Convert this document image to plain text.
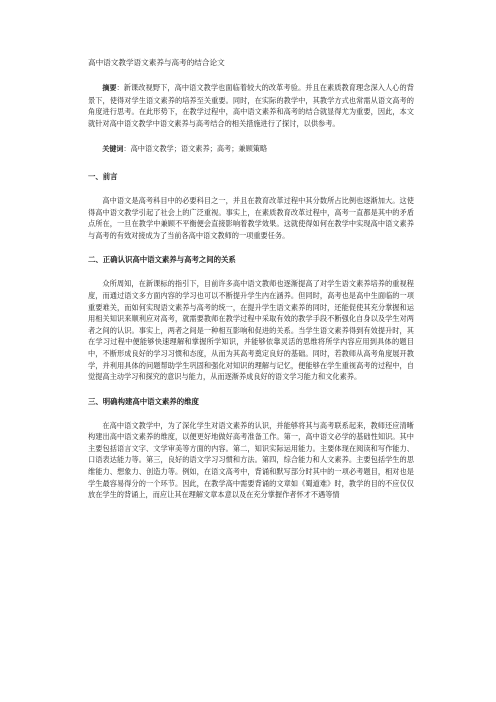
高中语文教学语文素养与高考的结合论文

摘要：新课改视野下，高中语文教学也面临着较大的改革考验。并且在素质教育理念深入人心的背景下，使得对学生语文素养的培养至关重要。同时，在实际的教学中，其教学方式也常需从语文高考的角度进行思考。在此形势下，在教学过程中，高中语文素养和高考的结合就显得尤为重要，因此，本文就针对高中语文教学中语文素养与高考结合的相关措施进行了探讨，以供参考。

关键词：高中语文教学；语文素养；高考；兼顾策略

一、前言

高中语文是高考科目中的必要科目之一，并且在教育改革过程中其分数所占比例也逐渐加大。这使得高中语文教学引起了社会上的广泛重视。事实上，在素质教育改革过程中，高考一直都是其中的矛盾点所在，一旦在教学中兼顾不平衡便会直接影响着教学效果。这就使得如何在教学中实现高中语文素养与高考的有效对接成为了当前各高中语文教师的一项重要任务。

二、正确认识高中语文素养与高考之间的关系

众所周知，在新课标的指引下，目前许多高中语文教师也逐渐提高了对学生语文素养培养的重视程度，而通过语文多方面内容的学习也可以不断提升学生内在涵养。但同时，高考也是高中生面临的一项重要难关，而如何实现语文素养与高考的统一，在提升学生语文素养的同时，还能促使其充分掌握和运用相关知识来顺利应对高考，就需要教师在教学过程中采取有效的教学手段不断强化自身以及学生对两者之间的认识。事实上，两者之间是一种相互影响和促进的关系。当学生语文素养得到有效提升时，其在学习过程中便能够快速理解和掌握所学知识，并能够依靠灵活的思维将所学内容应用到具体的题目中，不断形成良好的学习习惯和态度，从而为其高考奠定良好的基础。同时，若教师从高考角度展开教学，并利用具体的问题帮助学生巩固和强化对知识的理解与记忆，便能够在学生重视高考的过程中，自觉提高主动学习和探究的意识与能力，从而逐渐养成良好的语文学习能力和文化素养。

三、明确构建高中语文素养的维度

在高中语文教学中，为了深化学生对语文素养的认识，并能够将其与高考联系起来，教师还应清晰构建出高中语文素养的维度，以便更好地做好高考准备工作。第一，高中语文必学的基础性知识。其中主要包括语言文字、文学审美等方面的内容。第二，知识实际运用能力。主要体现在阅读和写作能力、口语表达能力等。第三，良好的语文学习习惯和方法。第四，综合能力和人文素养。主要包括学生的思维能力、想象力、创造力等。例如，在语文高考中，背诵和默写部分时其中的一项必考题目，相对也是学生最容易得分的一个环节。因此，在教学高中需要背诵的文章如《蜀道难》时，教学的目的不应仅仅放在学生的背诵上，而应让其在理解文章本意以及在充分掌握作者怀才不遇等情
